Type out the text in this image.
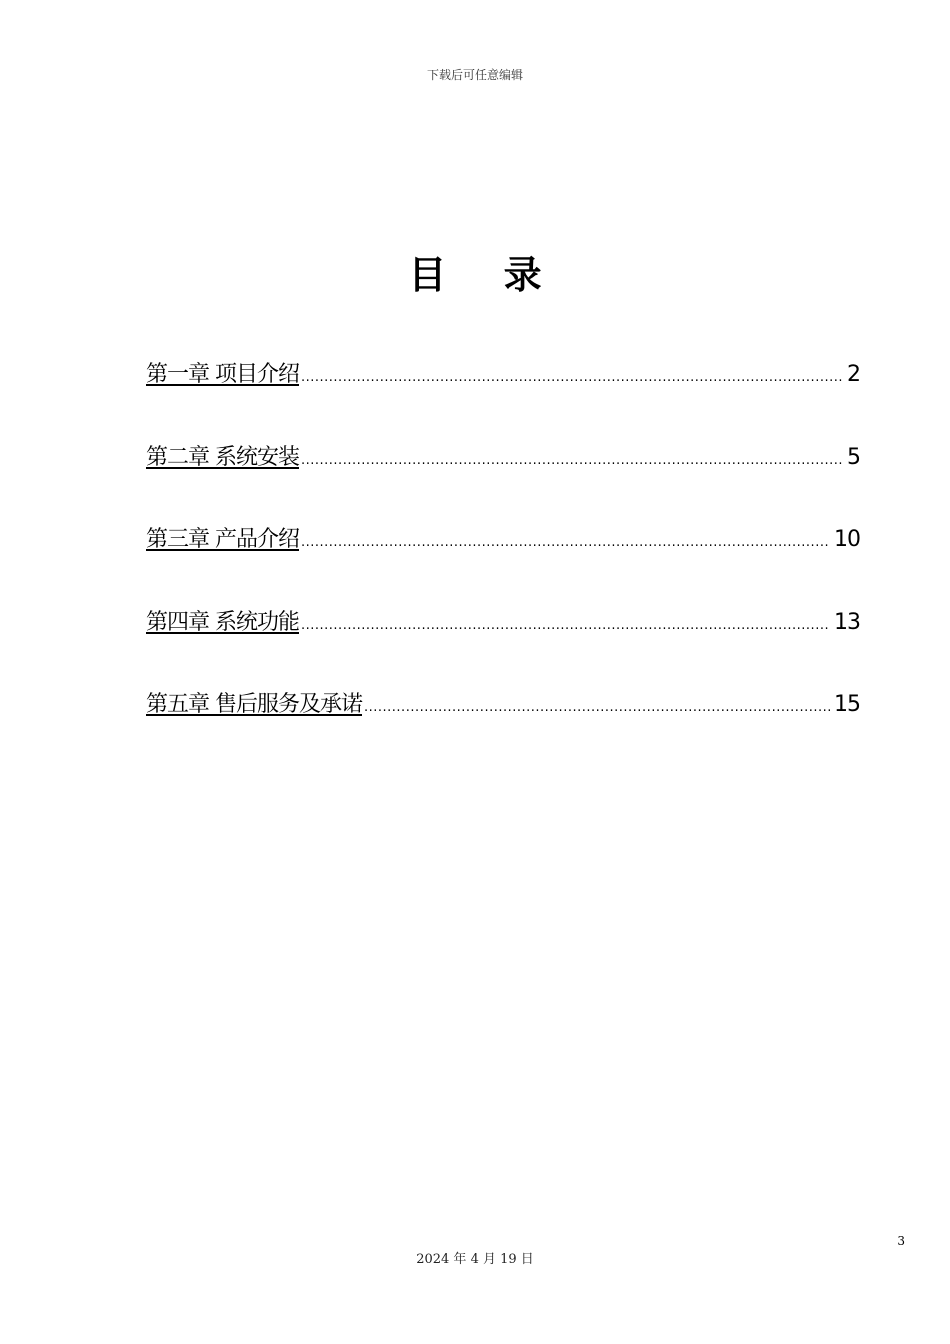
下载后可任意编辑
目 录
第一章 项目介绍 .....	2
第二章 系统安装 .....	5
第三章 产品介绍 .....	10
第四章 系统功能 .....	13
第五章 售后服务及承诺 .....	15
3
2024 年 4 月 19 日
